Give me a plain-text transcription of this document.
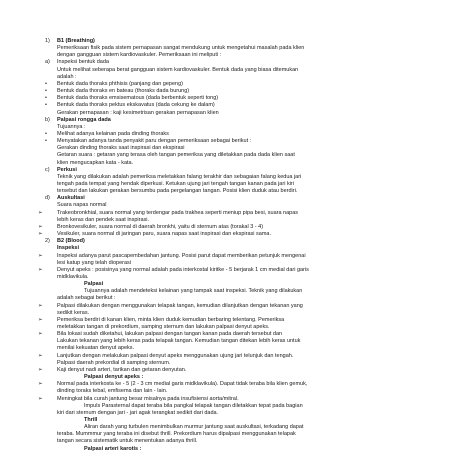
1) B1 (Breathing)
Pemeriksaan fisik pada sistem pernapasan sangat mendukung untuk mengetahui masalah pada klien
dengan gangguan sistem kardiovaskuler. Pemeriksaan ini meliputi :
a) Inspeksi bentuk dada
Untuk melihat seberapa berat gangguan sistem kardiovaskuler. Bentuk dada yang biasa ditemukan
adalah :
• Bentuk dada thoraks phthisis (panjang dan gepeng)
• Bentuk dada thoraks en bateau (thoraks dada burung)
• Bentuk dada thoraks emsisematous (dada berbentuk seperti tong)
• Bentuk dada thoraks pektus ekskavatus (dada cekung ke dalam)
Gerakan pernapasan : kaji kesimetrisan gerakan pernapasan klien
b) Palpasi rongga dada
Tujuannya :
• Melihat adanya kelainan pada dinding thoraks
• Menyatakan adanya tanda penyakit paru dengan pemeriksaan sebagai berikut :
Gerakan dinding thoraks saat inspirasi dan ekspirasi
Getaran suara : getaran yang terasa oleh tangan pemeriksa yang diletakkan pada dada klien saat
klien mengucapkan kata - kata.
c) Perkusi
Teknik yang dilakukan adalah pemeriksa meletakkan falang terakhir dan sebagaian falang kedua jari
tengah pada tempat yang hendak diperkusi. Ketukan ujung jari tengah tangan kanan pada jari kiri
tersebut dan lakukan gerakan bersumbu pada pergelangan tangan. Posisi klien duduk atau berdiri.
d) Auskultasi
Suara napas normal
➢	Trakeobronkhial, suara normal yang terdengar pada trakhea seperti meniup pipa besi, suara napas
lebih keras dan pendek saat inspirasi.
➢	Bronkovesikuler, suara normal di daerah bronkhi, yaitu di sternum atas (torakal 3 - 4)
➢	Vesikuler, suara normal di jaringan paru, suara napas saat inspirasi dan ekspirasi sama.
2) B2 (Blood)
Inspeksi
➢	Inspeksi adanya parut pascapembedahan jantung. Posisi parut dapat memberikan petunjuk mengenai
lesi katup yang telah dioperasi
➢	Denyut apeks : posisinya yang normal adalah pada interkostal kiritke - 5 berjarak 1 cm medial dari garis
midklavikula.
Palpasi
Tujuannya adalah mendeteksi kelainan yang tampak saat inspeksi. Teknik yang dilakukan
adalah sebagai berikut :
➢	Palpasi dilakukan dengan menggunakan telapak tangan, kemudian dilanjutkan dengan tekanan yang
sedikit keras.
➢	Pemeriksa berdiri di kanan klien, minta klien duduk kemudian berbaring telentang. Pemeriksa
meletakkan tangan di prekordium, samping sternum dan lakukan palpasi denyut apeks.
➢	Bila lokasi sudah diketahui, lakukan palpasi dengan tangan kanan pada daerah tersebut dan
Lakukan tekanan yang lebih keras pada telapak tangan. Kemudian tangan ditekan lebih keras untuk
menilai kekuatan denyut apeks.
➢	Lanjutkan dengan melakukan palpasi denyut apeks menggunakan ujung jari telunjuk dan tengah.
Palpasi daerah prekordial di samping sternum.
➢	Kaji denyut nadi arteri, tarikan dan getaran denyutan.
Palpasi denyut apeks :
➢	Normal pada interkosta ke - 5 (2 - 3 cm medial garis midklavikula). Dapat tidak teraba bila klien gemuk,
dinding toraks tebal, emfisema dan lain - lain.
➢	Meningkat bila curah jantung besar misalnya pada insufisiensi aorta/mitral.
Impuls Parasternal dapat teraba bila pangkal telapak tangan diletakkan tepat pada bagian
kiri dari sternum dengan jari - jari agak terangkat sedikit dari dada.
Thrill
Aliran darah yang turbulen menimbulkan murmur jantung saat auskultasi, terkadang dapat
teraba. Mummmur yang teraba ini disebut thrill. Prekordium harus dipalpasi menggunakan telapak
tangan secara sistematik untuk menentukan adanya thrill.
Palpasi arteri karotis :
